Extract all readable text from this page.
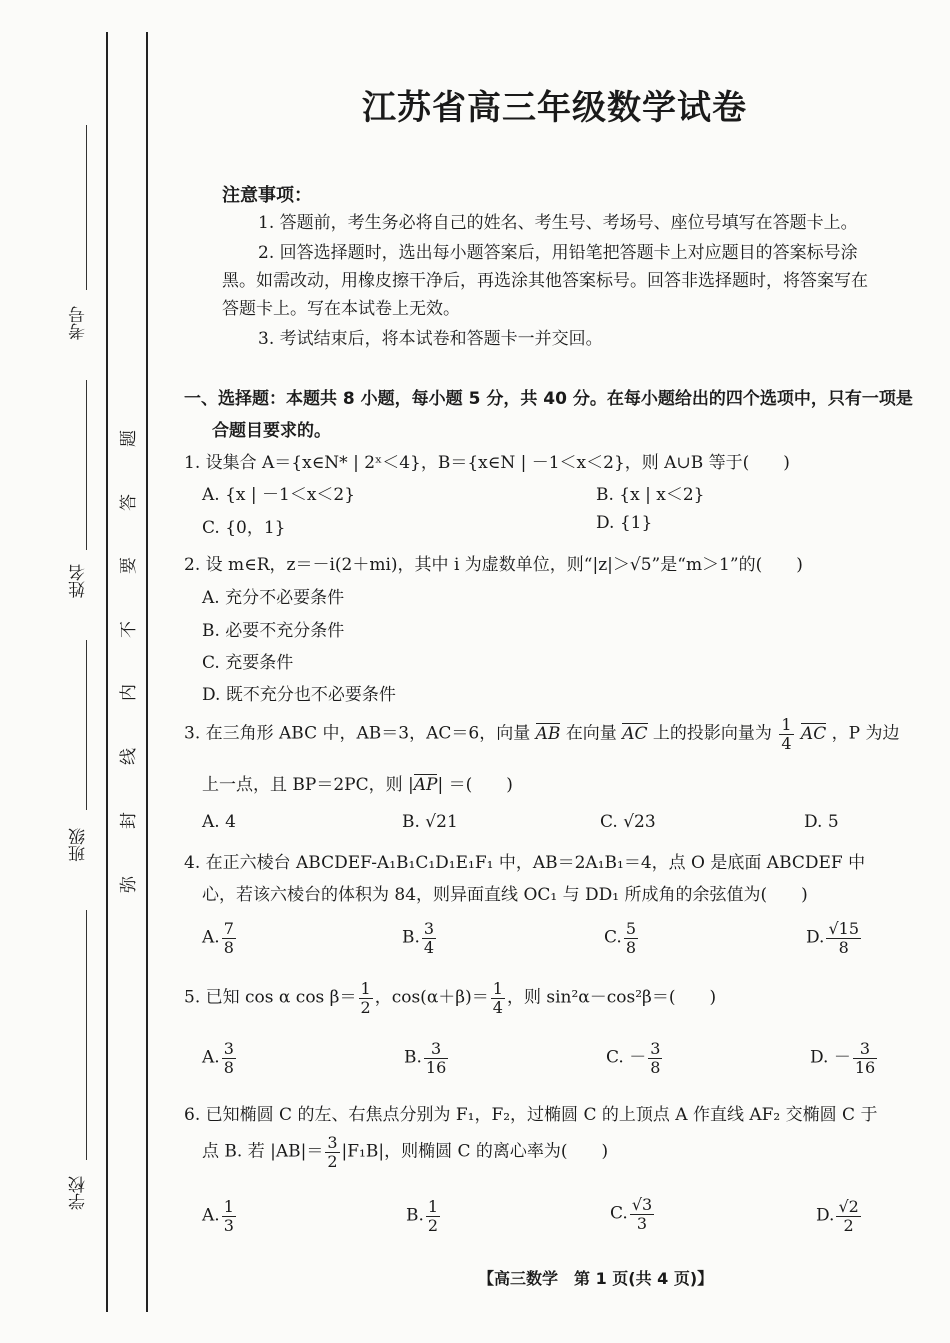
考号
姓名
班级
学校
题
答
要
不
内
线
封
弥
江苏省高三年级数学试卷
注意事项：
1. 答题前，考生务必将自己的姓名、考生号、考场号、座位号填写在答题卡上。
2. 回答选择题时，选出每小题答案后，用铅笔把答题卡上对应题目的答案标号涂
黑。如需改动，用橡皮擦干净后，再选涂其他答案标号。回答非选择题时，将答案写在
答题卡上。写在本试卷上无效。
3. 考试结束后，将本试卷和答题卡一并交回。
一、选择题：本题共 8 小题，每小题 5 分，共 40 分。在每小题给出的四个选项中，只有一项是
合题目要求的。
1. 设集合 A＝{x∈N* | 2ˣ＜4}，B＝{x∈N | －1＜x＜2}，则 A∪B 等于(　　)
A. {x | －1＜x＜2}	B. {x | x＜2}
C. {0，1}	D. {1}
2. 设 m∈R，z＝－i(2＋mi)，其中 i 为虚数单位，则“|z|＞√5”是“m＞1”的(　　)
A. 充分不必要条件
B. 必要不充分条件
C. 充要条件
D. 既不充分也不必要条件
3. 在三角形 ABC 中，AB＝3，AC＝6，向量 AB 在向量 AC 上的投影向量为 $\frac{1}{4}$ AC ，P 为边
上一点，且 BP＝2PC，则 |AP| ＝(　　)
A. 4	B. √21	C. √23	D. 5
4. 在正六棱台 ABCDEF-A₁B₁C₁D₁E₁F₁ 中，AB＝2A₁B₁＝4，点 O 是底面 ABCDEF 中
心，若该六棱台的体积为 84，则异面直线 OC₁ 与 DD₁ 所成角的余弦值为(　　)
A. $\frac{7}{8}$	B. $\frac{3}{4}$	C. $\frac{5}{8}$	D. $\frac{√15}{8}$
5. 已知 cos α $\cos \beta= \frac{1}{2}$ ，$\cos(\alpha+\beta)= \frac{1}{4}$ ，则 sin²α－cos²β＝(　　)
A. $\frac{3}{8}$	B. $\frac{3}{16}$	C. － $\frac{3}{8}$	D. － $\frac{3}{16}$
6. 已知椭圆 C 的左、右焦点分别为 F₁，F₂，过椭圆 C 的上顶点 A 作直线 AF₂ 交椭圆 C 于
点 B. 若 $|AB|= \frac{3}{2} |F_1B|$，则椭圆 C 的离心率为(　　)
A. $\frac{1}{3}$	B. $\frac{1}{2}$	C. $\frac{√3}{3}$	D. $\frac{√2}{2}$
【高三数学　第 1 页(共 4 页)】
